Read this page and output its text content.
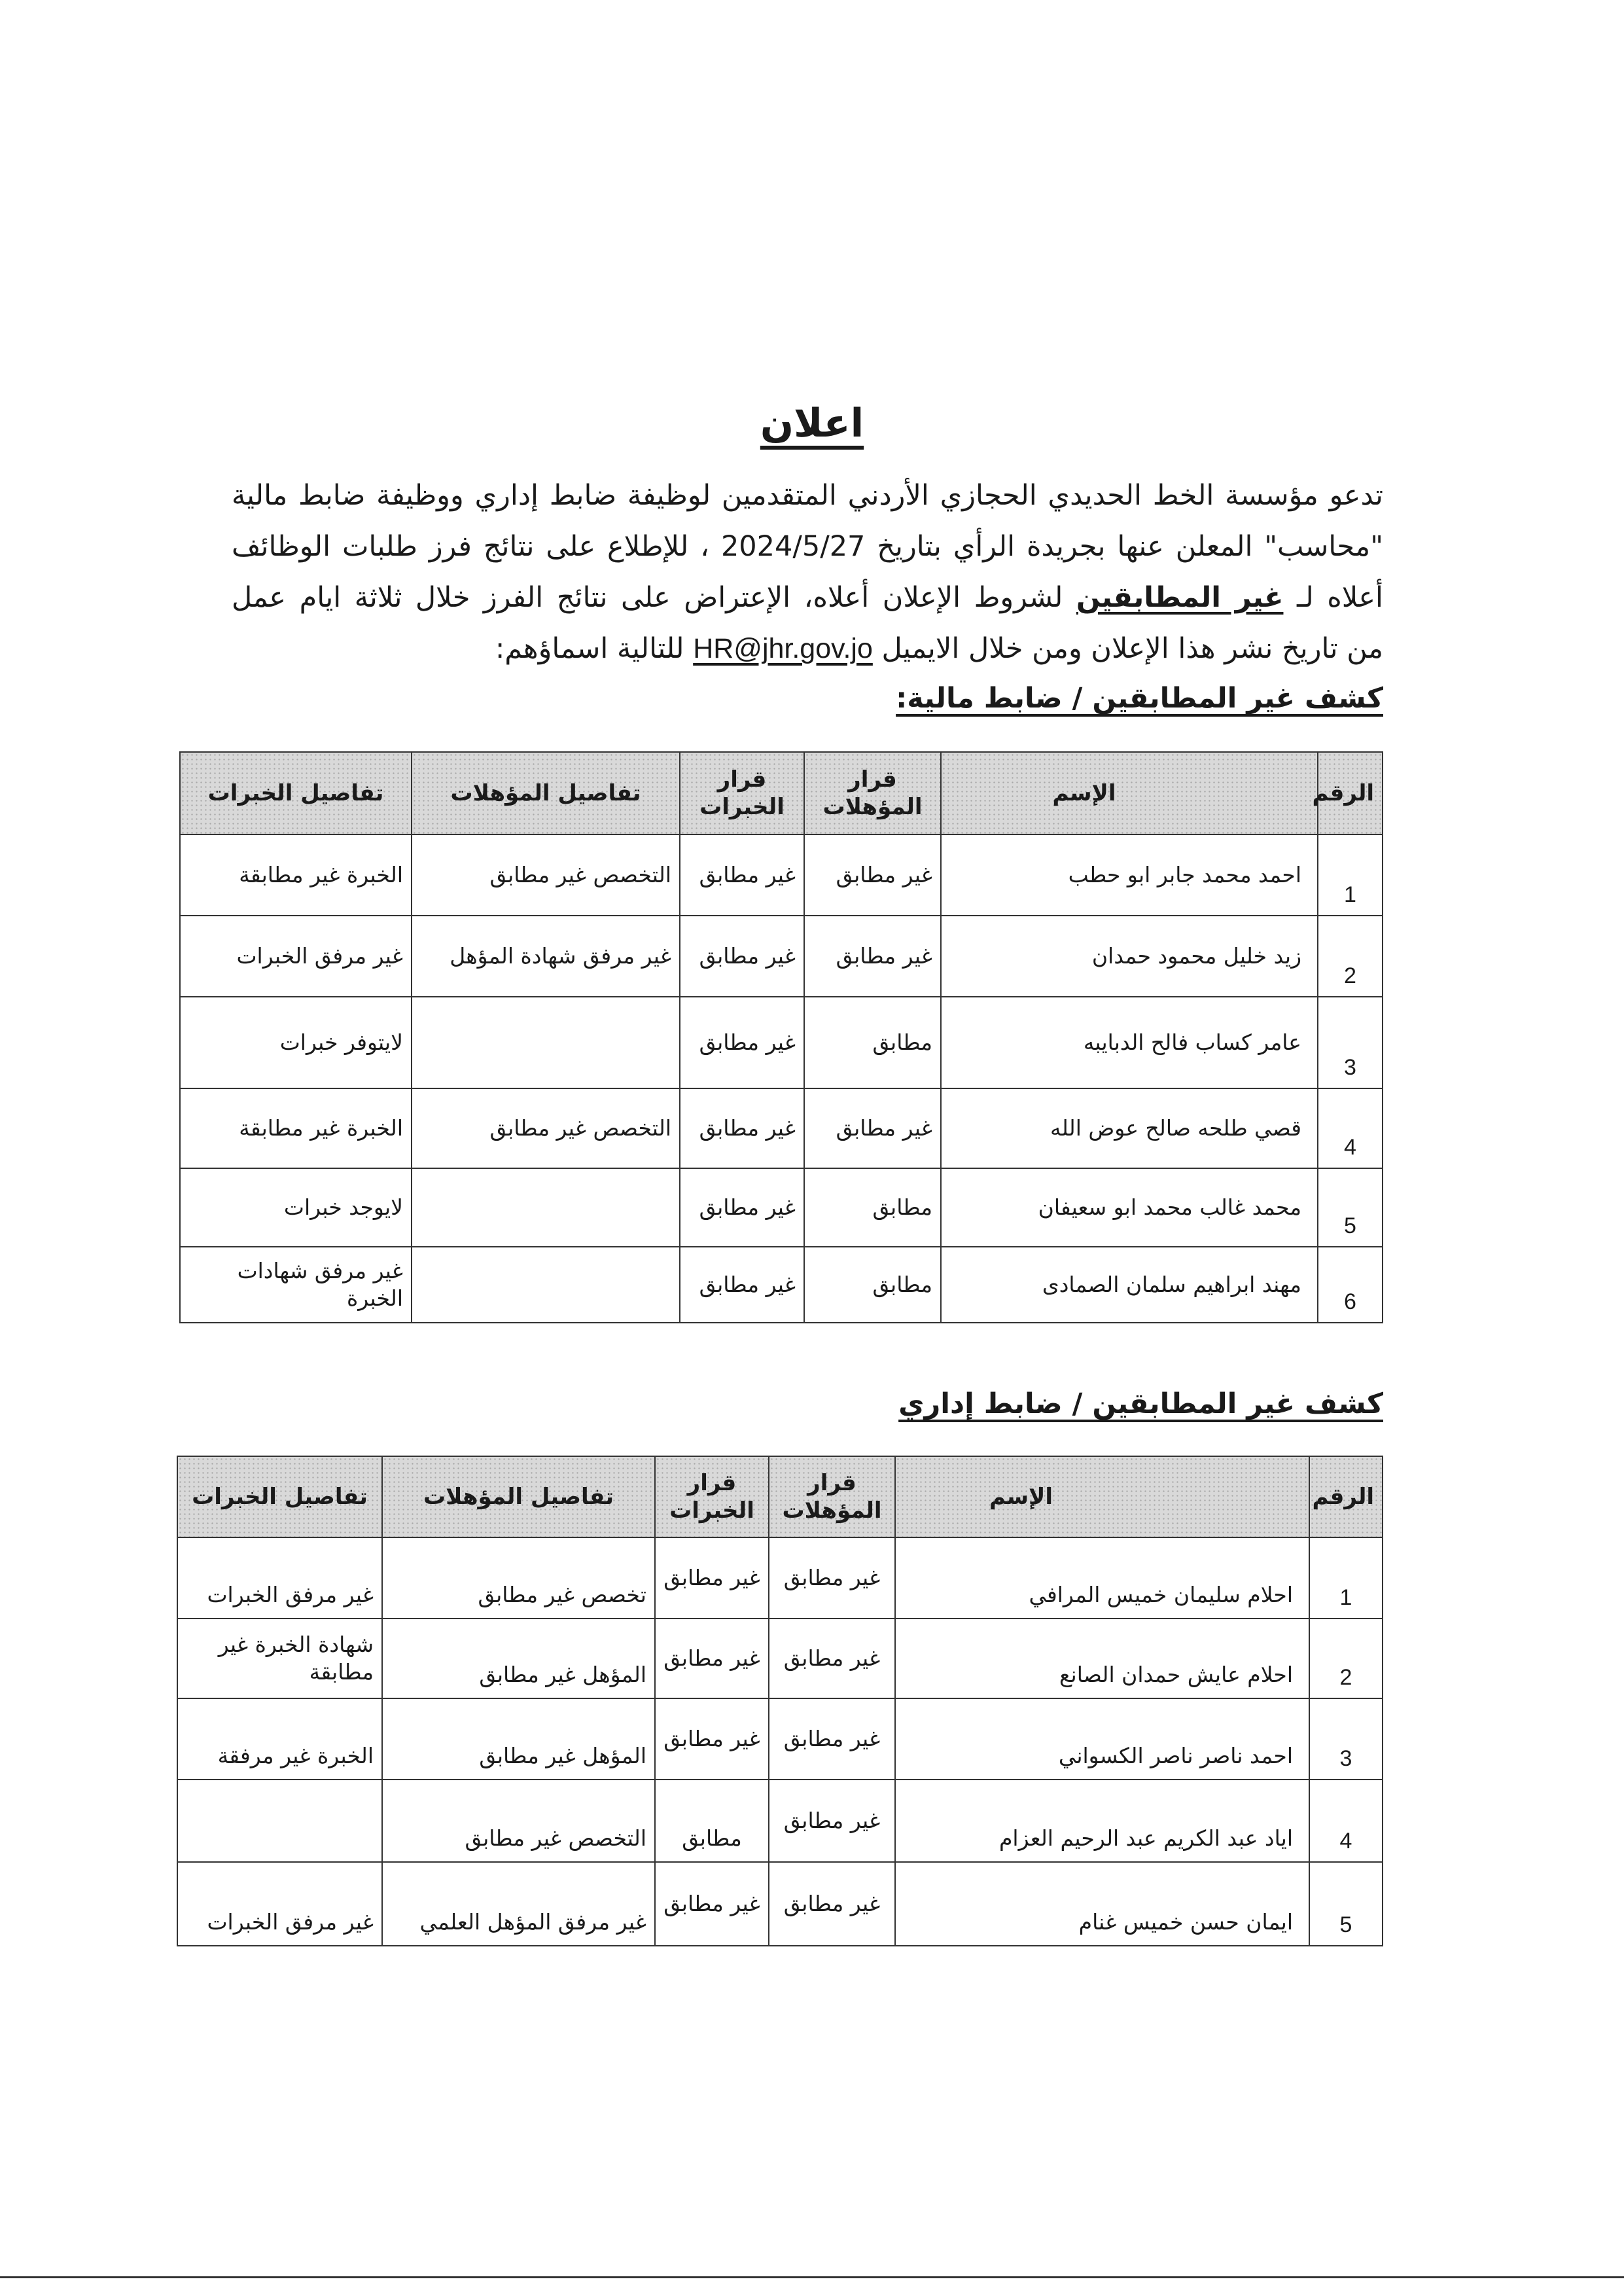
اعلان
تدعو مؤسسة الخط الحديدي الحجازي الأردني المتقدمين لوظيفة ضابط إداري ووظيفة ضابط مالية
"محاسب" المعلن عنها بجريدة الرأي بتاريخ 2024/5/27 ، للإطلاع على نتائج فرز طلبات الوظائف
أعلاه لـ غير المطابقين لشروط الإعلان أعلاه، الإعتراض على نتائج الفرز خلال ثلاثة ايام عمل
من تاريخ نشر هذا الإعلان ومن خلال الايميل HR@jhr.gov.jo للتالية اسماؤهم:
كشف غير المطابقين / ضابط مالية:
الرقم	الإسم	قرار المؤهلات	قرار الخبرات	تفاصيل المؤهلات	تفاصيل الخبرات
1	احمد محمد جابر ابو حطب	غير مطابق	غير مطابق	التخصص غير مطابق	الخبرة غير مطابقة
2	زيد خليل محمود حمدان	غير مطابق	غير مطابق	غير مرفق شهادة المؤهل	غير مرفق الخبرات
3	عامر كساب فالح الدبايبه	مطابق	غير مطابق		لايتوفر خبرات
4	قصي طلحه صالح عوض الله	غير مطابق	غير مطابق	التخصص غير مطابق	الخبرة غير مطابقة
5	محمد غالب محمد ابو سعيفان	مطابق	غير مطابق		لايوجد خبرات
6	مهند ابراهيم سلمان الصمادى	مطابق	غير مطابق		غير مرفق شهادات الخبرة
كشف غير المطابقين / ضابط إداري
الرقم	الإسم	قرار المؤهلات	قرار الخبرات	تفاصيل المؤهلات	تفاصيل الخبرات
1	احلام سليمان خميس المرافي	غير مطابق	غير مطابق	تخصص غير مطابق	غير مرفق الخبرات
2	احلام عايش حمدان الصانع	غير مطابق	غير مطابق	المؤهل غير مطابق	شهادة الخبرة غير مطابقة
3	احمد ناصر ناصر الكسواني	غير مطابق	غير مطابق	المؤهل غير مطابق	الخبرة غير مرفقة
4	اياد عبد الكريم عبد الرحيم العزام	غير مطابق	مطابق	التخصص غير مطابق	
5	ايمان حسن خميس غنام	غير مطابق	غير مطابق	غير مرفق المؤهل العلمي	غير مرفق الخبرات
